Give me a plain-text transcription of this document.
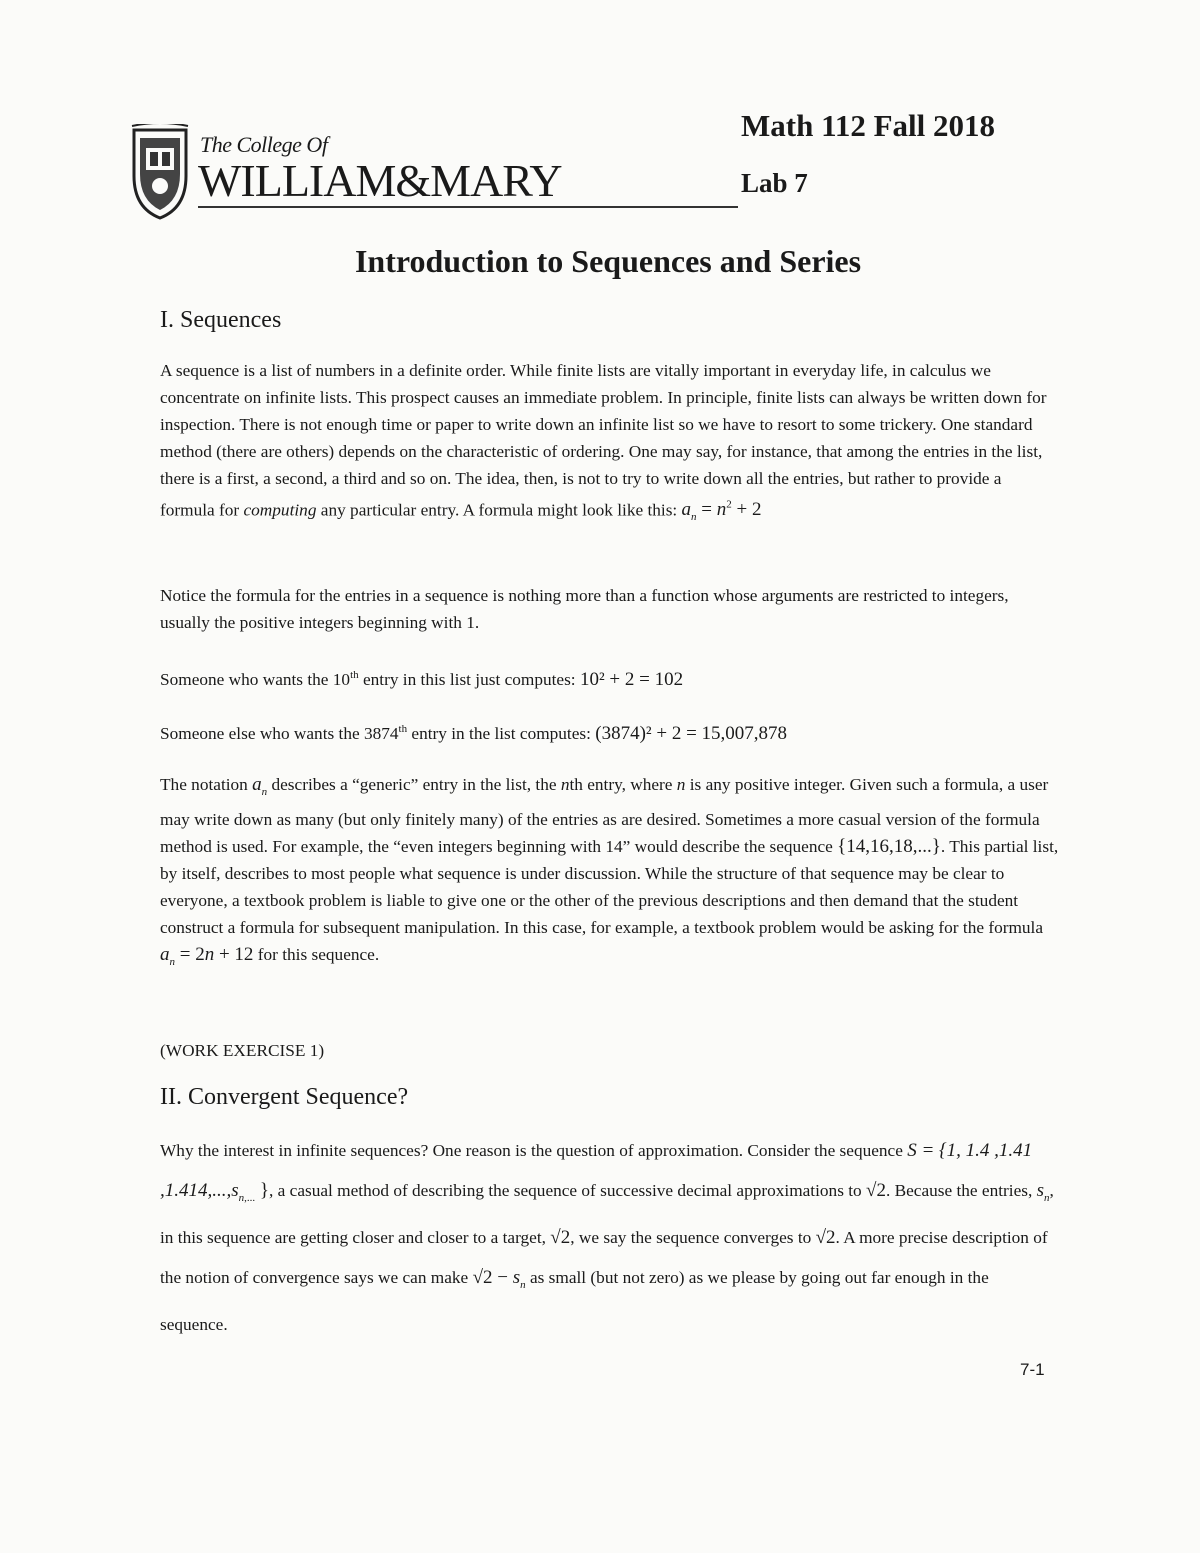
The College Of
WILLIAM&MARY
Math 112 Fall 2018
Lab 7
Introduction to Sequences and Series
I. Sequences

A sequence is a list of numbers in a definite order. While finite lists are vitally important in everyday life, in calculus we concentrate on infinite lists. This prospect causes an immediate problem. In principle, finite lists can always be written down for inspection. There is not enough time or paper to write down an infinite list so we have to resort to some trickery. One standard method (there are others) depends on the characteristic of ordering. One may say, for instance, that among the entries in the list, there is a first, a second, a third and so on. The idea, then, is not to try to write down all the entries, but rather to provide a formula for computing any particular entry. A formula might look like this: $a_n = n^2 + 2$

Notice the formula for the entries in a sequence is nothing more than a function whose arguments are restricted to integers, usually the positive integers beginning with 1.

Someone who wants the 10th entry in this list just computes: 10² + 2 = 102

Someone else who wants the 3874th entry in the list computes: (3874)² + 2 = 15,007,878

The notation $a_n$ describes a “generic” entry in the list, the nth entry, where n is any positive integer. Given such a formula, a user may write down as many (but only finitely many) of the entries as are desired. Sometimes a more casual version of the formula method is used. For example, the “even integers beginning with 14” would describe the sequence {14,16,18,...}. This partial list, by itself, describes to most people what sequence is under discussion. While the structure of that sequence may be clear to everyone, a textbook problem is liable to give one or the other of the previous descriptions and then demand that the student construct a formula for subsequent manipulation. In this case, for example, a textbook problem would be asking for the formula $a_n = 2n + 12$ for this sequence.

(WORK EXERCISE 1)

II. Convergent Sequence?

Why the interest in infinite sequences? One reason is the question of approximation. Consider the sequence S = {1, 1.4 ,1.41 $,1.414,...,s_{n,...}$ }, a casual method of describing the sequence of successive decimal approximations to √2. Because the entries, $s_n$, in this sequence are getting closer and closer to a target, √2, we say the sequence converges to √2. A more precise description of the notion of convergence says we can make $√2 - s_n$ as small (but not zero) as we please by going out far enough in the sequence.

7-1
